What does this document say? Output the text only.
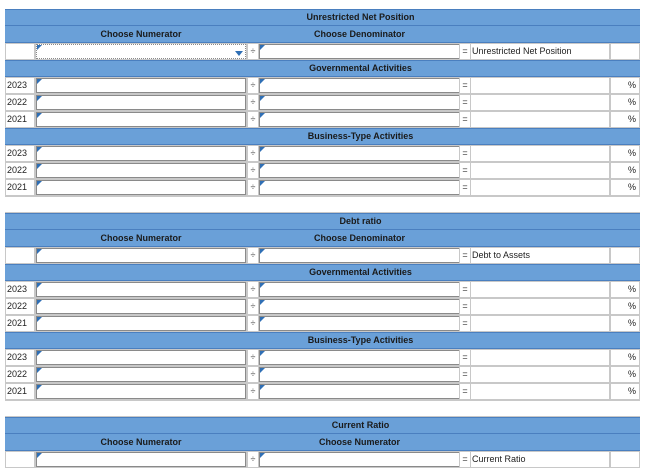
Unrestricted Net Position
Choose Numerator	Choose Denominator
÷	= Unrestricted Net Position
Governmental Activities
2023	÷	=	%
2022	÷	=	%
2021	÷	=	%
Business-Type Activities
2023	÷	=	%
2022	÷	=	%
2021	÷	=	%
Debt ratio
Choose Numerator	Choose Denominator
÷	= Debt to Assets
Governmental Activities
2023	÷	=	%
2022	÷	=	%
2021	÷	=	%
Business-Type Activities
2023	÷	=	%
2022	÷	=	%
2021	÷	=	%
Current Ratio
Choose Numerator	Choose Numerator
÷	= Current Ratio
